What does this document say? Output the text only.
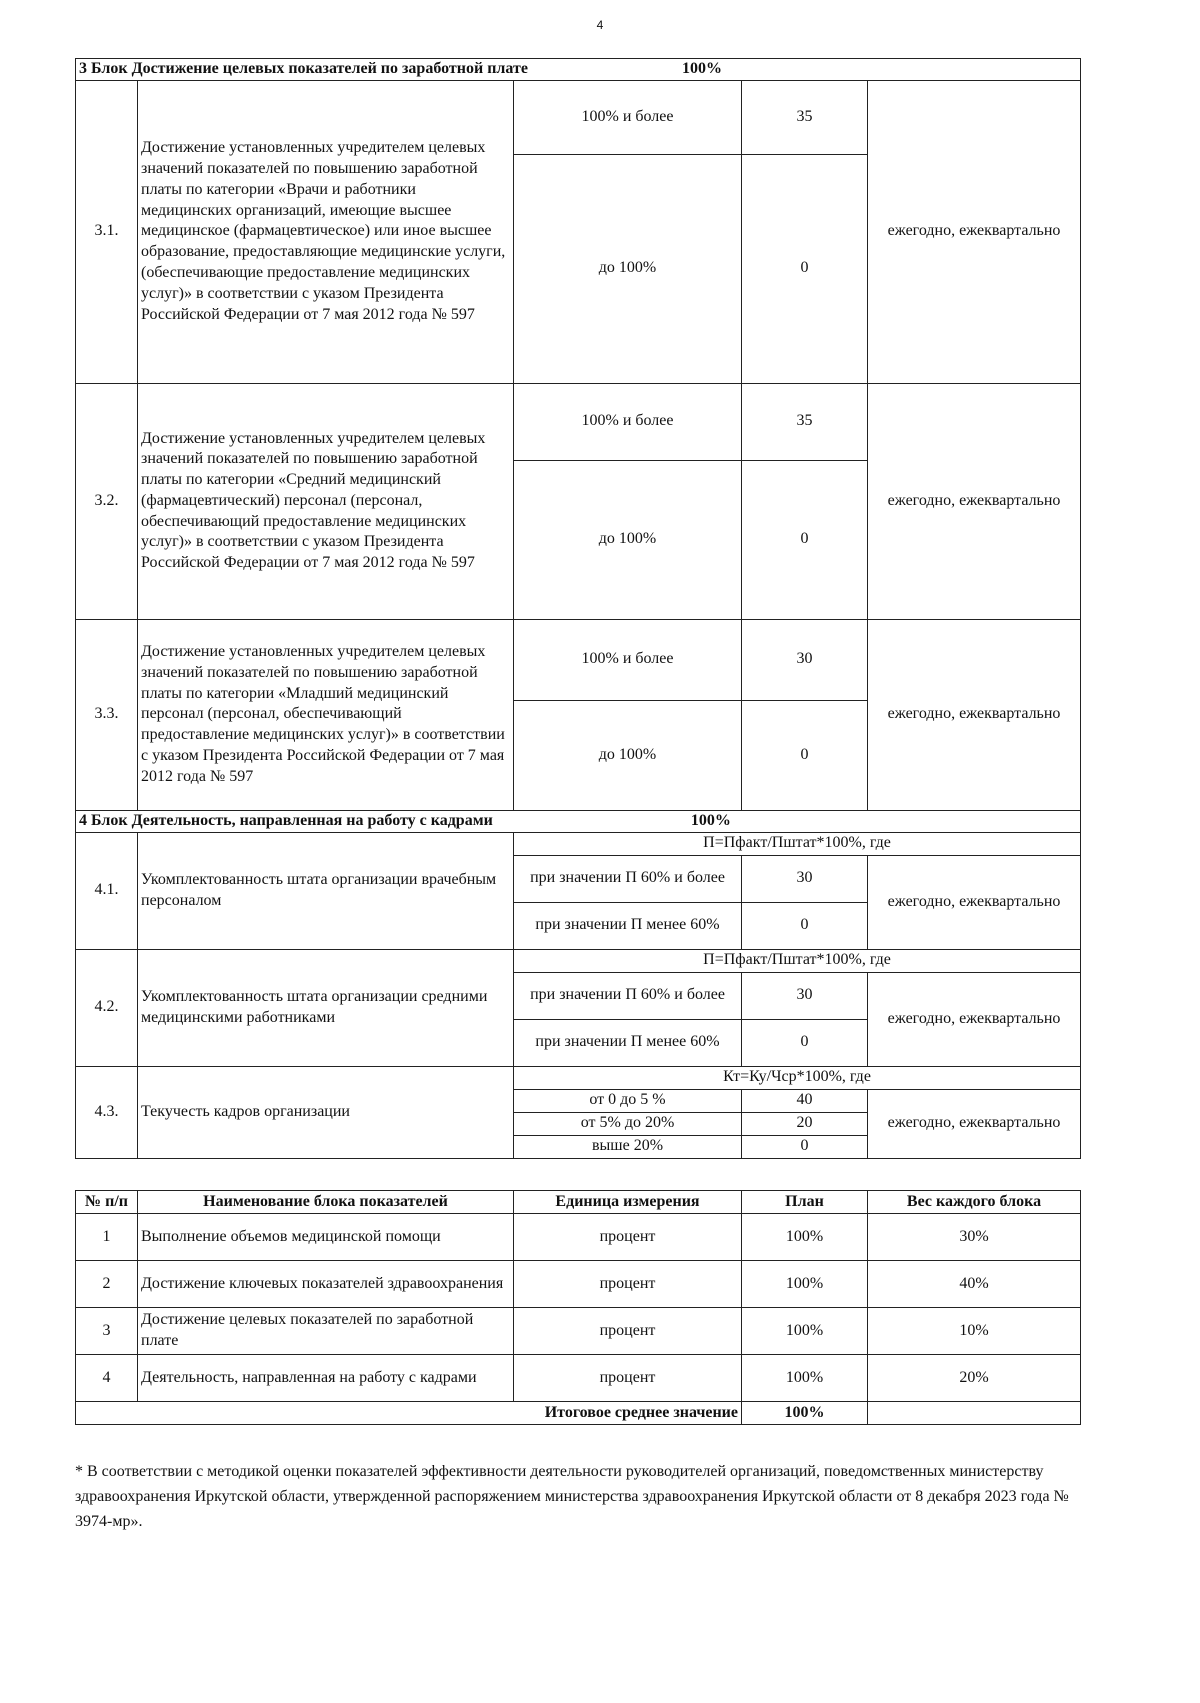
4
3 Блок Достижение целевых показателей по заработной плате 100%				
3.1.	Достижение установленных учредителем целевых значений показателей по повышению заработной платы по категории «Врачи и работники медицинских организаций, имеющие высшее медицинское (фармацевтическое) или иное высшее образование, предоставляющие медицинские услуги, (обеспечивающие предоставление медицинских услуг)» в соответствии с указом Президента Российской Федерации от 7 мая 2012 года № 597	100% и более	35	ежегодно, ежеквартально
		до 100%	0	
3.2.	Достижение установленных учредителем целевых значений показателей по повышению заработной платы по категории «Средний медицинский (фармацевтический) персонал (персонал, обеспечивающий предоставление медицинских услуг)» в соответствии с указом Президента Российской Федерации от 7 мая 2012 года № 597	100% и более	35	ежегодно, ежеквартально
		до 100%	0	
3.3.	Достижение установленных учредителем целевых значений показателей по повышению заработной платы по категории «Младший медицинский персонал (персонал, обеспечивающий предоставление медицинских услуг)» в соответствии с указом Президента Российской Федерации от 7 мая 2012 года № 597	100% и более	30	ежегодно, ежеквартально
		до 100%	0	
4 Блок Деятельность, направленная на работу с кадрами 100%				
4.1.	Укомплектованность штата организации врачебным персоналом	П=Пфакт/Пштат*100%, где		
		при значении П 60% и более	30	ежегодно, ежеквартально
		при значении П менее 60%	0	
4.2.	Укомплектованность штата организации средними медицинскими работниками	П=Пфакт/Пштат*100%, где		
		при значении П 60% и более	30	ежегодно, ежеквартально
		при значении П менее 60%	0	
4.3.	Текучесть кадров организации	Кт=Ку/Чср*100%, где		
		от 0 до 5 %	40	ежегодно, ежеквартально
		от 5% до 20%	20	
		выше 20%	0	
№ п/п	Наименование блока показателей	Единица измерения	План	Вес каждого блока
1	Выполнение объемов медицинской помощи	процент	100%	30%
2	Достижение ключевых показателей здравоохранения	процент	100%	40%
3	Достижение целевых показателей по заработной плате	процент	100%	10%
4	Деятельность, направленная на работу с кадрами	процент	100%	20%
Итоговое среднее значение			100%	
* В соответствии с методикой оценки показателей эффективности деятельности руководителей организаций, поведомственных министерству здравоохранения Иркутской области, утвержденной распоряжением министерства здравоохранения Иркутской области от 8 декабря 2023 года № 3974-мр».
